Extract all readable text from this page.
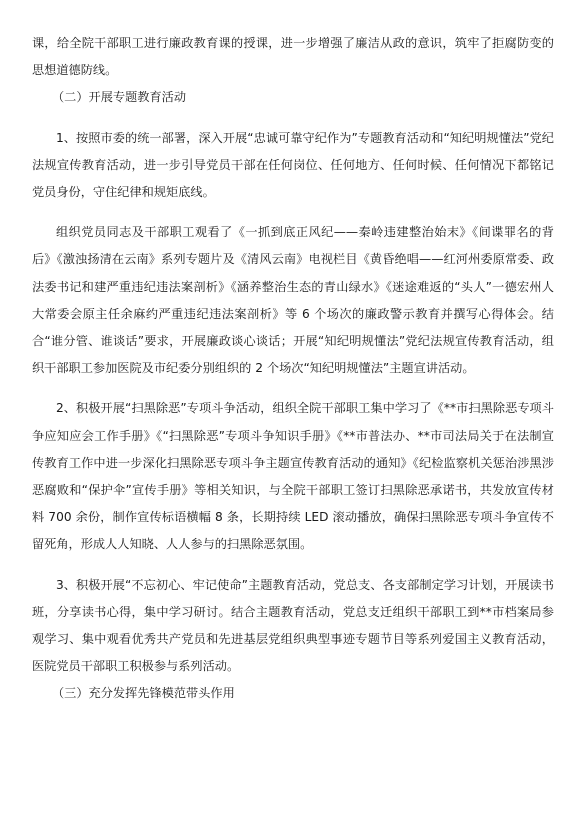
课，给全院干部职工进行廉政教育课的授课，进一步增强了廉洁从政的意识，筑牢了拒腐防变的思想道德防线。

（二）开展专题教育活动

1、按照市委的统一部署，深入开展“忠诚可靠守纪作为”专题教育活动和“知纪明规懂法”党纪法规宣传教育活动，进一步引导党员干部在任何岗位、任何地方、任何时候、任何情况下都铭记党员身份，守住纪律和规矩底线。

组织党员同志及干部职工观看了《一抓到底正风纪——秦岭违建整治始末》《间谍罪名的背后》《激浊扬清在云南》系列专题片及《清风云南》电视栏目《黄昏绝唱——红河州委原常委、政法委书记和建严重违纪违法案剖析》《涵养整治生态的青山绿水》《迷途难返的“头人”一德宏州人大常委会原主任余麻约严重违纪违法案剖析》等 6 个场次的廉政警示教育并撰写心得体会。结合“谁分管、谁谈话”要求，开展廉政谈心谈话；开展“知纪明规懂法”党纪法规宣传教育活动，组织干部职工参加医院及市纪委分别组织的 2 个场次“知纪明规懂法”主题宣讲活动。

2、积极开展“扫黑除恶”专项斗争活动，组织全院干部职工集中学习了《**市扫黑除恶专项斗争应知应会工作手册》《“扫黑除恶”专项斗争知识手册》《**市普法办、**市司法局关于在法制宣传教育工作中进一步深化扫黑除恶专项斗争主题宣传教育活动的通知》《纪检监察机关惩治涉黑涉恶腐败和“保护伞”宣传手册》等相关知识，与全院干部职工签订扫黑除恶承诺书，共发放宣传材料 700 余份，制作宣传标语横幅 8 条，长期持续 LED 滚动播放，确保扫黑除恶专项斗争宣传不留死角，形成人人知晓、人人参与的扫黑除恶氛围。

3、积极开展“不忘初心、牢记使命”主题教育活动，党总支、各支部制定学习计划，开展读书班，分享读书心得，集中学习研讨。结合主题教育活动，党总支迁组织干部职工到**市档案局参观学习、集中观看优秀共产党员和先进基层党组织典型事迹专题节目等系列爱国主义教育活动，医院党员干部职工积极参与系列活动。

（三）充分发挥先锋模范带头作用
